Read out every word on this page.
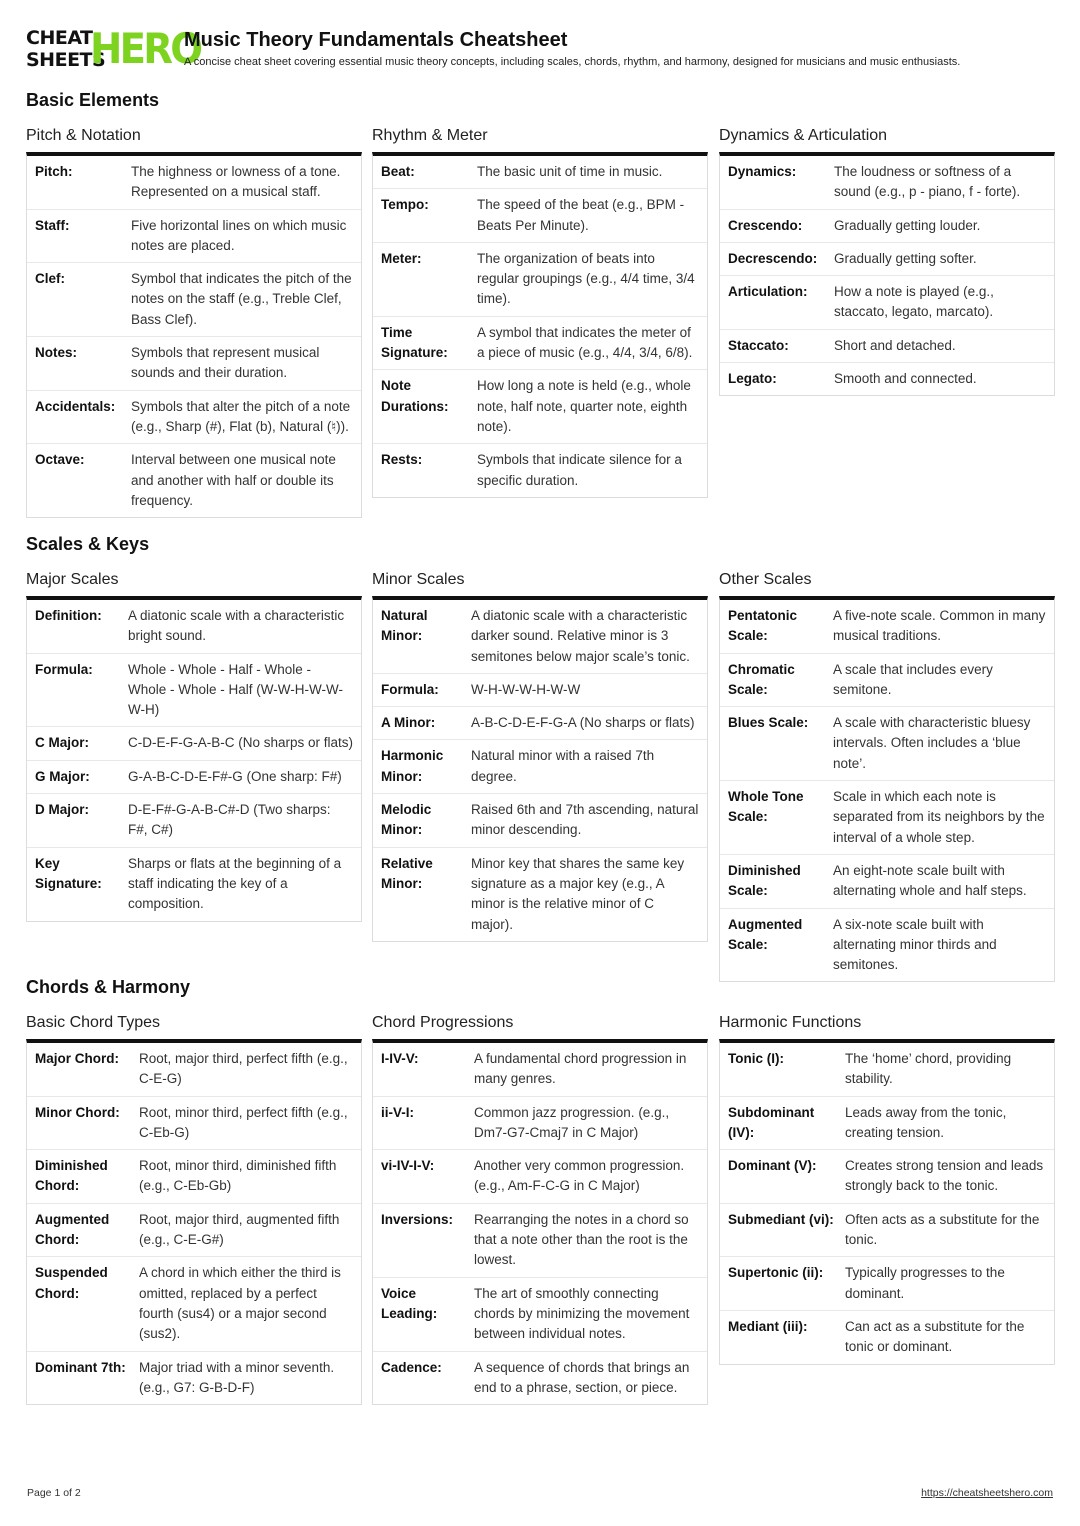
CHEAT
SHEETS
HERO
Music Theory Fundamentals Cheatsheet
A concise cheat sheet covering essential music theory concepts, including scales, chords, rhythm, and harmony, designed for musicians and music enthusiasts.
Basic Elements
Pitch & Notation
Pitch:	The highness or lowness of a tone. Represented on a musical staff.
Staff:	Five horizontal lines on which music notes are placed.
Clef:	Symbol that indicates the pitch of the notes on the staff (e.g., Treble Clef, Bass Clef).
Notes:	Symbols that represent musical sounds and their duration.
Accidentals:	Symbols that alter the pitch of a note (e.g., Sharp (#), Flat (b), Natural (♮)).
Octave:	Interval between one musical note and another with half or double its frequency.
Rhythm & Meter
Beat:	The basic unit of time in music.
Tempo:	The speed of the beat (e.g., BPM - Beats Per Minute).
Meter:	The organization of beats into regular groupings (e.g., 4/4 time, 3/4 time).
Time Signature:
A symbol that indicates the meter of a piece of music (e.g., 4/4, 3/4, 6/8).
Note Durations:
How long a note is held (e.g., whole note, half note, quarter note, eighth note).
Rests:	Symbols that indicate silence for a specific duration.
Dynamics & Articulation
Dynamics:	The loudness or softness of a sound (e.g., p - piano, f - forte).
Crescendo:	Gradually getting louder.
Decrescendo:	Gradually getting softer.
Articulation:	How a note is played (e.g., staccato, legato, marcato).
Staccato:	Short and detached.
Legato:	Smooth and connected.
Scales & Keys
Major Scales
Definition:	A diatonic scale with a characteristic bright sound.
Formula:	Whole - Whole - Half - Whole - Whole - Whole - Half (W-W-H-W-W-W-H)
C Major:	C-D-E-F-G-A-B-C (No sharps or flats)
G Major:	G-A-B-C-D-E-F#-G (One sharp: F#)
D Major:	D-E-F#-G-A-B-C#-D (Two sharps: F#, C#)
Key Signature:
Sharps or flats at the beginning of a staff indicating the key of a composition.
Minor Scales
Natural Minor:
A diatonic scale with a characteristic darker sound. Relative minor is 3 semitones below major scale’s tonic.
Formula:	W-H-W-W-H-W-W
A Minor:	A-B-C-D-E-F-G-A (No sharps or flats)
Harmonic Minor:
Natural minor with a raised 7th degree.
Melodic Minor:
Raised 6th and 7th ascending, natural minor descending.
Relative Minor:
Minor key that shares the same key signature as a major key (e.g., A minor is the relative minor of C major).
Other Scales
Pentatonic Scale:
A five-note scale. Common in many musical traditions.
Chromatic Scale:
A scale that includes every semitone.
Blues Scale:	A scale with characteristic bluesy intervals. Often includes a ‘blue note’.
Whole Tone Scale:
Scale in which each note is separated from its neighbors by the interval of a whole step.
Diminished Scale:
An eight-note scale built with alternating whole and half steps.
Augmented Scale:
A six-note scale built with alternating minor thirds and semitones.
Chords & Harmony
Basic Chord Types
Major Chord:	Root, major third, perfect fifth (e.g., C-E-G)
Minor Chord:	Root, minor third, perfect fifth (e.g., C-Eb-G)
Diminished Chord:
Root, minor third, diminished fifth (e.g., C-Eb-Gb)
Augmented Chord:
Root, major third, augmented fifth (e.g., C-E-G#)
Suspended Chord:
A chord in which either the third is omitted, replaced by a perfect fourth (sus4) or a major second (sus2).
Dominant 7th: Major triad with a minor seventh. (e.g., G7: G-B-D-F)
Chord Progressions
I-IV-V:	A fundamental chord progression in many genres.
ii-V-I:	Common jazz progression. (e.g., Dm7-G7-Cmaj7 in C Major)
vi-IV-I-V:	Another very common progression. (e.g., Am-F-C-G in C Major)
Inversions:	Rearranging the notes in a chord so that a note other than the root is the lowest.
Voice Leading:
The art of smoothly connecting chords by minimizing the movement between individual notes.
Cadence:	A sequence of chords that brings an end to a phrase, section, or piece.
Harmonic Functions
Tonic (I):	The ‘home’ chord, providing stability.
Subdominant (IV):
Leads away from the tonic, creating tension.
Dominant (V):	Creates strong tension and leads strongly back to the tonic.
Submediant (vi): Often acts as a substitute for the tonic.
Supertonic (ii):	Typically progresses to the dominant.
Mediant (iii):	Can act as a substitute for the tonic or dominant.
Page 1 of 2	https://cheatsheetshero.com
